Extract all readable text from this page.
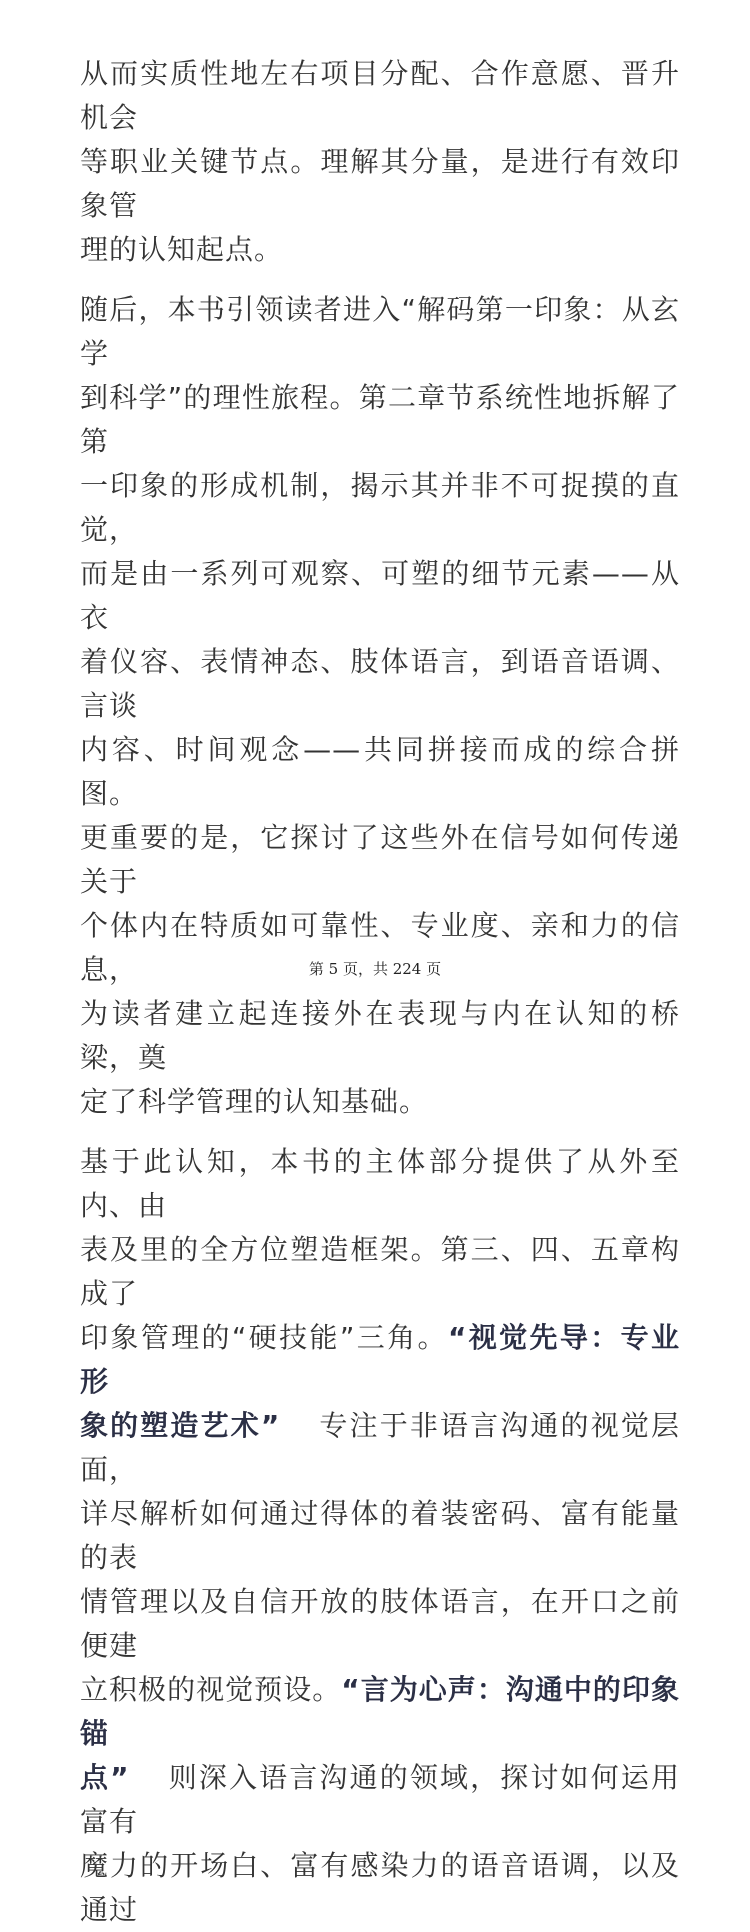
从而实质性地左右项目分配、合作意愿、晋升机会
等职业关键节点。理解其分量，是进行有效印象管
理的认知起点。

随后，本书引领读者进入“解码第一印象：从玄学
到科学”的理性旅程。第二章节系统性地拆解了第
一印象的形成机制，揭示其并非不可捉摸的直觉，
而是由一系列可观察、可塑的细节元素——从衣
着仪容、表情神态、肢体语言，到语音语调、言谈
内容、时间观念——共同拼接而成的综合拼图。
更重要的是，它探讨了这些外在信号如何传递关于
个体内在特质如可靠性、专业度、亲和力的信息，
为读者建立起连接外在表现与内在认知的桥梁，奠
定了科学管理的认知基础。

基于此认知，本书的主体部分提供了从外至内、由
表及里的全方位塑造框架。第三、四、五章构成了
印象管理的“硬技能”三角。“视觉先导：专业形
象的塑造艺术” 专注于非语言沟通的视觉层面，
详尽解析如何通过得体的着装密码、富有能量的表
情管理以及自信开放的肢体语言，在开口之前便建
立积极的视觉预设。“言为心声：沟通中的印象锚
点” 则深入语言沟通的领域，探讨如何运用富有
魔力的开场白、富有感染力的语音语调，以及通过

第 5 页，共 224 页
